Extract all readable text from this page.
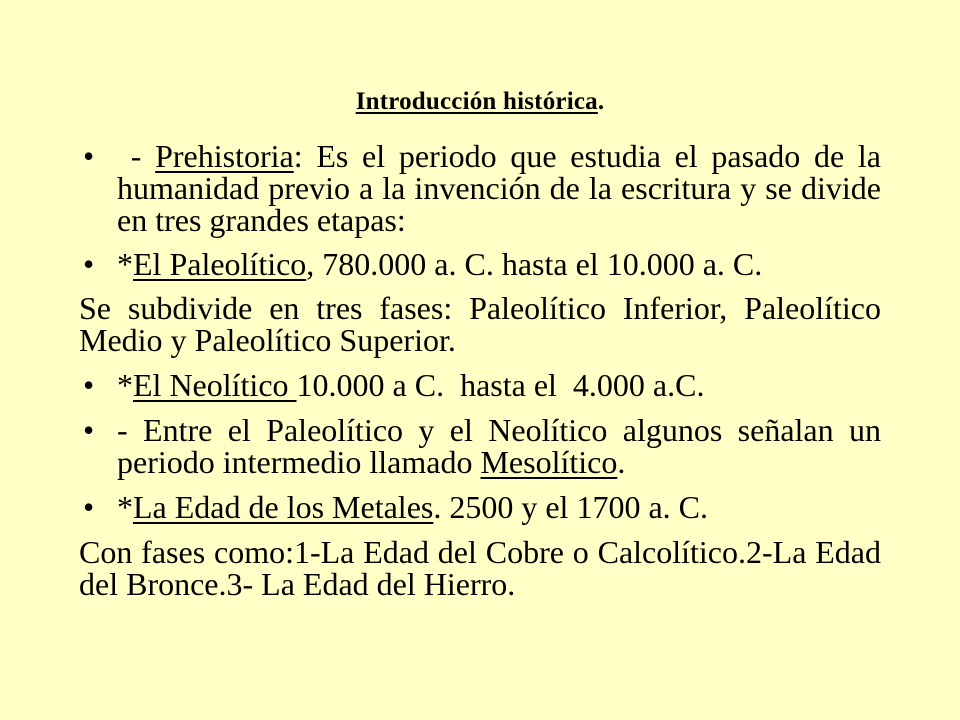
Introducción histórica.
• - Prehistoria: Es el periodo que estudia el pasado de la humanidad previo a la invención de la escritura y se divide en tres grandes etapas:
• *El Paleolítico, 780.000 a. C. hasta el 10.000 a. C.
Se subdivide en tres fases: Paleolítico Inferior, Paleolítico Medio y Paleolítico Superior.
• *El Neolítico 10.000 a C.  hasta el  4.000 a.C.
• - Entre el Paleolítico y el Neolítico algunos señalan un periodo intermedio llamado Mesolítico.
• *La Edad de los Metales. 2500 y el 1700 a. C.
Con fases como:1-La Edad del Cobre o Calcolítico.2-La Edad del Bronce.3- La Edad del Hierro.
